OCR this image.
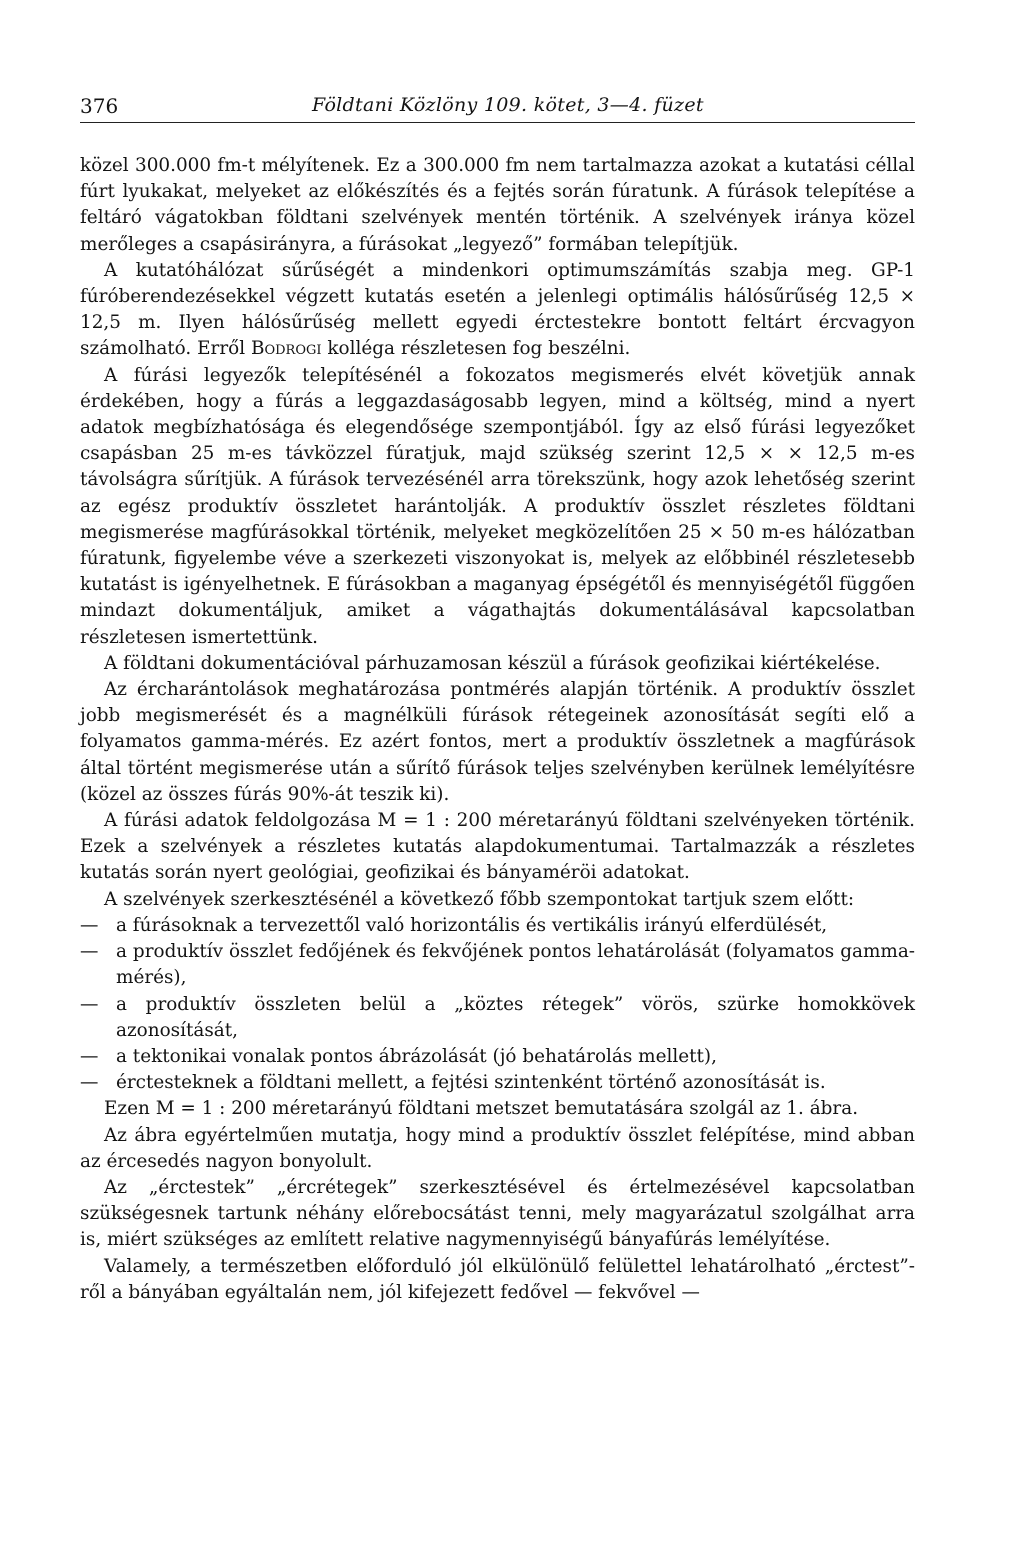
376	Földtani Közlöny 109. kötet, 3—4. füzet

közel 300.000 fm-t mélyítenek. Ez a 300.000 fm nem tartalmazza azokat a kutatási céllal fúrt lyukakat, melyeket az előkészítés és a fejtés során fúratunk. A fúrások telepítése a feltáró vágatokban földtani szelvények mentén történik. A szelvények iránya közel merőleges a csapásirányra, a fúrásokat „legyező” formában telepítjük.

A kutatóhálózat sűrűségét a mindenkori optimumszámítás szabja meg. GP-1 fúróberendezésekkel végzett kutatás esetén a jelenlegi optimális hálósűrűség 12,5 × 12,5 m. Ilyen hálósűrűség mellett egyedi érctestekre bontott feltárt ércvagyon számolható. Erről Bodrogi kolléga részletesen fog beszélni.

A fúrási legyezők telepítésénél a fokozatos megismerés elvét követjük annak érdekében, hogy a fúrás a leggazdaságosabb legyen, mind a költség, mind a nyert adatok megbízhatósága és elegendősége szempontjából. Így az első fúrási legyezőket csapásban 25 m-es távközzel fúratjuk, majd szükség szerint 12,5 × × 12,5 m-es távolságra sűrítjük. A fúrások tervezésénél arra törekszünk, hogy azok lehetőség szerint az egész produktív összletet harántolják. A produktív összlet részletes földtani megismerése magfúrásokkal történik, melyeket megközelítően 25 × 50 m-es hálózatban fúratunk, figyelembe véve a szerkezeti viszonyokat is, melyek az előbbinél részletesebb kutatást is igényelhetnek. E fúrásokban a maganyag épségétől és mennyiségétől függően mindazt dokumentáljuk, amiket a vágathajtás dokumentálásával kapcsolatban részletesen ismertettünk.

A földtani dokumentációval párhuzamosan készül a fúrások geofizikai kiértékelése.

Az ércharántolások meghatározása pontmérés alapján történik. A produktív összlet jobb megismerését és a magnélküli fúrások rétegeinek azonosítását segíti elő a folyamatos gamma-mérés. Ez azért fontos, mert a produktív összletnek a magfúrások által történt megismerése után a sűrítő fúrások teljes szelvényben kerülnek lemélyítésre (közel az összes fúrás 90%-át teszik ki).

A fúrási adatok feldolgozása M = 1 : 200 méretarányú földtani szelvényeken történik. Ezek a szelvények a részletes kutatás alapdokumentumai. Tartalmazzák a részletes kutatás során nyert geológiai, geofizikai és bányaméröi adatokat.

A szelvények szerkesztésénél a következő főbb szempontokat tartjuk szem előtt:

— a fúrásoknak a tervezettől való horizontális és vertikális irányú elferdülését,
— a produktív összlet fedőjének és fekvőjének pontos lehatárolását (folyamatos gamma-mérés),
— a produktív összleten belül a „köztes rétegek” vörös, szürke homokkövek azonosítását,
— a tektonikai vonalak pontos ábrázolását (jó behatárolás mellett),
— érctesteknek a földtani mellett, a fejtési szintenként történő azonosítását is.

Ezen M = 1 : 200 méretarányú földtani metszet bemutatására szolgál az 1. ábra.

Az ábra egyértelműen mutatja, hogy mind a produktív összlet felépítése, mind abban az ércesedés nagyon bonyolult.

Az „érctestek” „ércrétegek” szerkesztésével és értelmezésével kapcsolatban szükségesnek tartunk néhány előrebocsátást tenni, mely magyarázatul szolgálhat arra is, miért szükséges az említett relative nagymennyiségű bányafúrás lemélyítése.

Valamely, a természetben előforduló jól elkülönülő felülettel lehatárolható „érctest”-ről a bányában egyáltalán nem, jól kifejezett fedővel — fekvővel —
